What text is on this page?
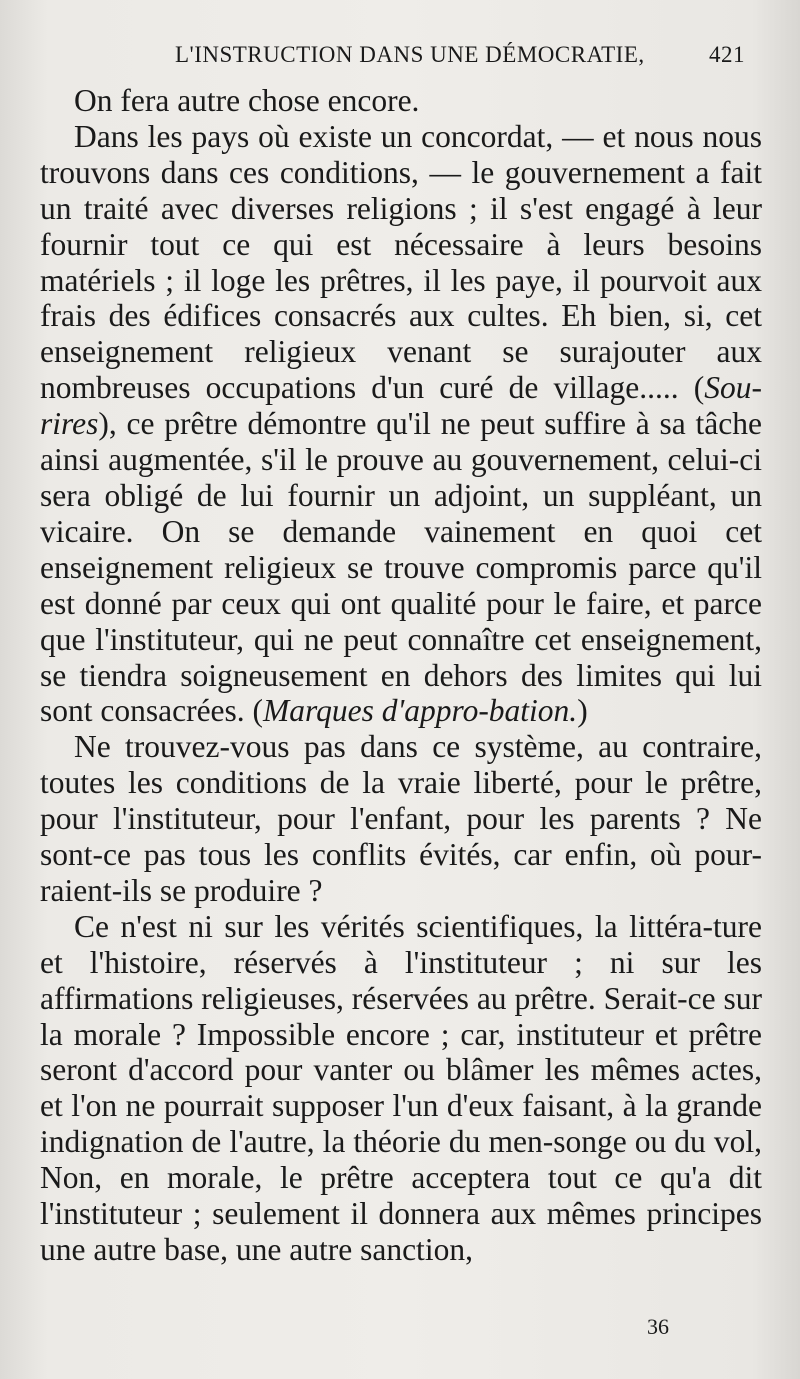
L'INSTRUCTION DANS UNE DÉMOCRATIE,	421

On fera autre chose encore.

Dans les pays où existe un concordat, — et nous nous trouvons dans ces conditions, — le gouvernement a fait un traité avec diverses religions ; il s'est engagé à leur fournir tout ce qui est nécessaire à leurs besoins matériels ; il loge les prêtres, il les paye, il pourvoit aux frais des édifices consacrés aux cultes. Eh bien, si, cet enseignement religieux venant se surajouter aux nombreuses occupations d'un curé de village..... (Sou-rires), ce prêtre démontre qu'il ne peut suffire à sa tâche ainsi augmentée, s'il le prouve au gouvernement, celui-ci sera obligé de lui fournir un adjoint, un suppléant, un vicaire. On se demande vainement en quoi cet enseignement religieux se trouve compromis parce qu'il est donné par ceux qui ont qualité pour le faire, et parce que l'instituteur, qui ne peut connaître cet enseignement, se tiendra soigneusement en dehors des limites qui lui sont consacrées. (Marques d'appro-bation.)

Ne trouvez-vous pas dans ce système, au contraire, toutes les conditions de la vraie liberté, pour le prêtre, pour l'instituteur, pour l'enfant, pour les parents ? Ne sont-ce pas tous les conflits évités, car enfin, où pour-raient-ils se produire ?

Ce n'est ni sur les vérités scientifiques, la littéra-ture et l'histoire, réservés à l'instituteur ; ni sur les affirmations religieuses, réservées au prêtre. Serait-ce sur la morale ? Impossible encore ; car, instituteur et prêtre seront d'accord pour vanter ou blâmer les mêmes actes, et l'on ne pourrait supposer l'un d'eux faisant, à la grande indignation de l'autre, la théorie du men-songe ou du vol, Non, en morale, le prêtre acceptera tout ce qu'a dit l'instituteur ; seulement il donnera aux mêmes principes une autre base, une autre sanction,

36
